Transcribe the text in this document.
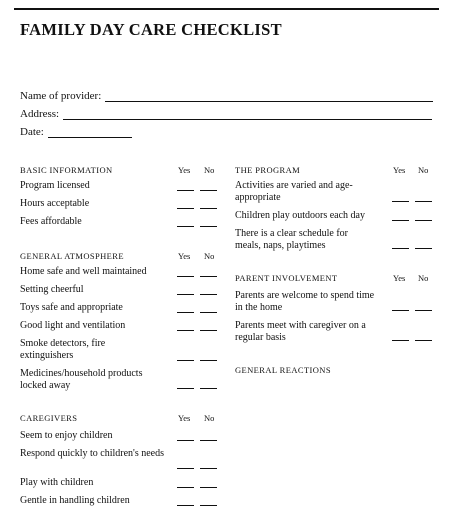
FAMILY DAY CARE CHECKLIST
Name of provider:
Address:
Date:
BASIC INFORMATION	Yes No
Program licensed
Hours acceptable
Fees affordable
GENERAL ATMOSPHERE	Yes No
Home safe and well maintained
Setting cheerful
Toys safe and appropriate
Good light and ventilation
Smoke detectors, fire extinguishers
Medicines/household products locked away
CAREGIVERS	Yes No
Seem to enjoy children
Respond quickly to children's needs
Play with children
Gentle in handling children
THE PROGRAM	Yes No
Activities are varied and age-appropriate
Children play outdoors each day
There is a clear schedule for meals, naps, playtimes
PARENT INVOLVEMENT	Yes No
Parents are welcome to spend time in the home
Parents meet with caregiver on a regular basis
GENERAL REACTIONS
